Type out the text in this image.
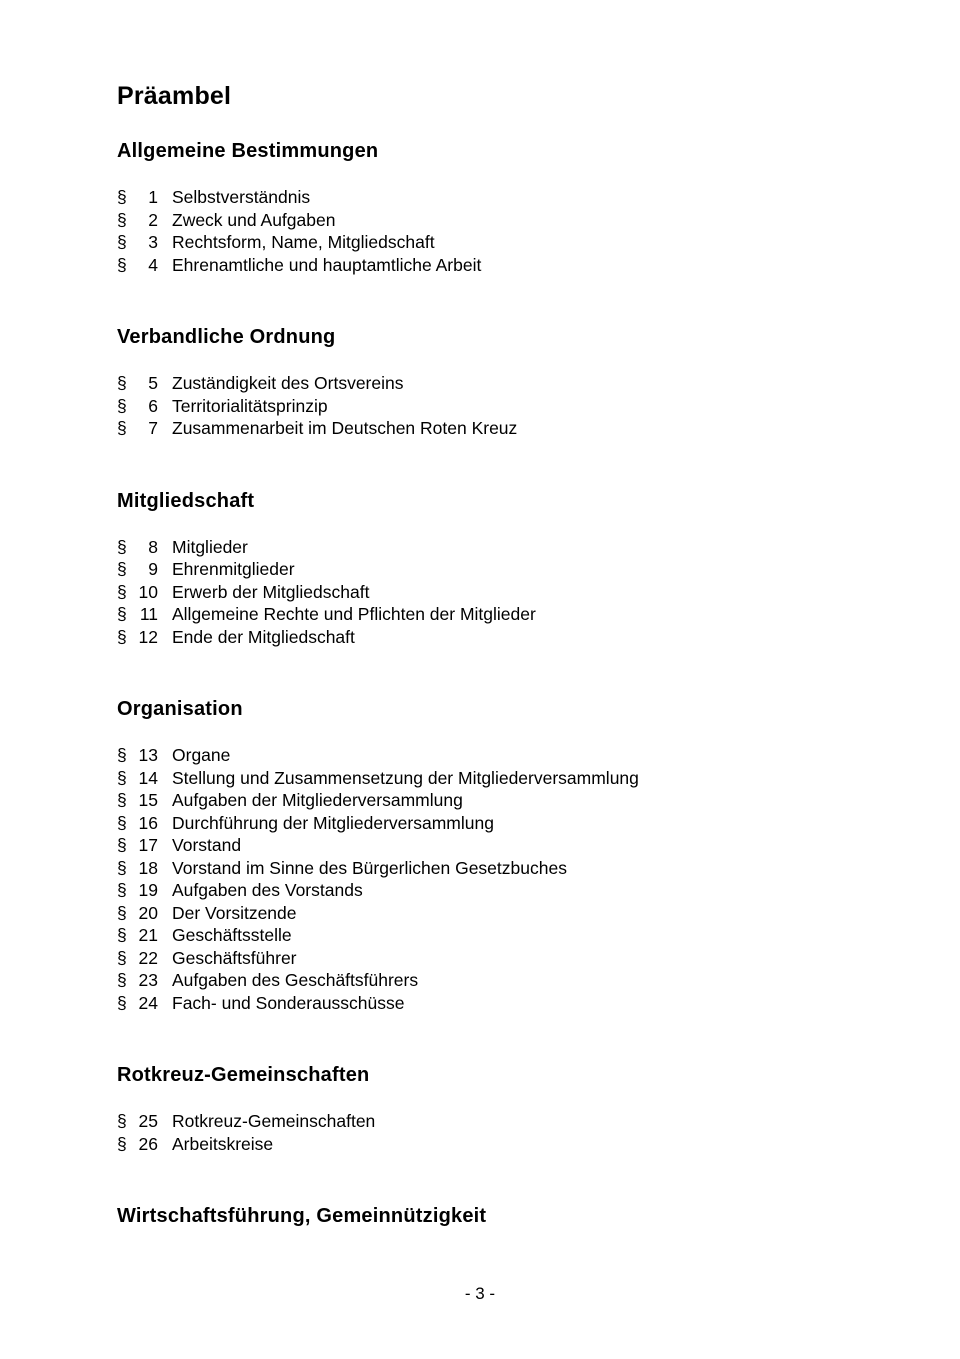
Präambel
Allgemeine Bestimmungen
§	1 Selbstverständnis
§	2 Zweck und Aufgaben
§	3 Rechtsform, Name, Mitgliedschaft
§	4 Ehrenamtliche und hauptamtliche Arbeit
Verbandliche Ordnung
§	5 Zuständigkeit des Ortsvereins
§	6 Territorialitätsprinzip
§	7 Zusammenarbeit im Deutschen Roten Kreuz
Mitgliedschaft
§	8 Mitglieder
§	9 Ehrenmitglieder
§ 10 Erwerb der Mitgliedschaft
§ 11 Allgemeine Rechte und Pflichten der Mitglieder
§ 12 Ende der Mitgliedschaft
Organisation
§ 13 Organe
§ 14 Stellung und Zusammensetzung der Mitgliederversammlung
§ 15 Aufgaben der Mitgliederversammlung
§ 16 Durchführung der Mitgliederversammlung
§ 17 Vorstand
§ 18 Vorstand im Sinne des Bürgerlichen Gesetzbuches
§ 19 Aufgaben des Vorstands
§ 20 Der Vorsitzende
§ 21 Geschäftsstelle
§ 22 Geschäftsführer
§ 23 Aufgaben des Geschäftsführers
§ 24 Fach- und Sonderausschüsse
Rotkreuz-Gemeinschaften
§ 25 Rotkreuz-Gemeinschaften
§ 26 Arbeitskreise
Wirtschaftsführung, Gemeinnützigkeit
- 3 -
